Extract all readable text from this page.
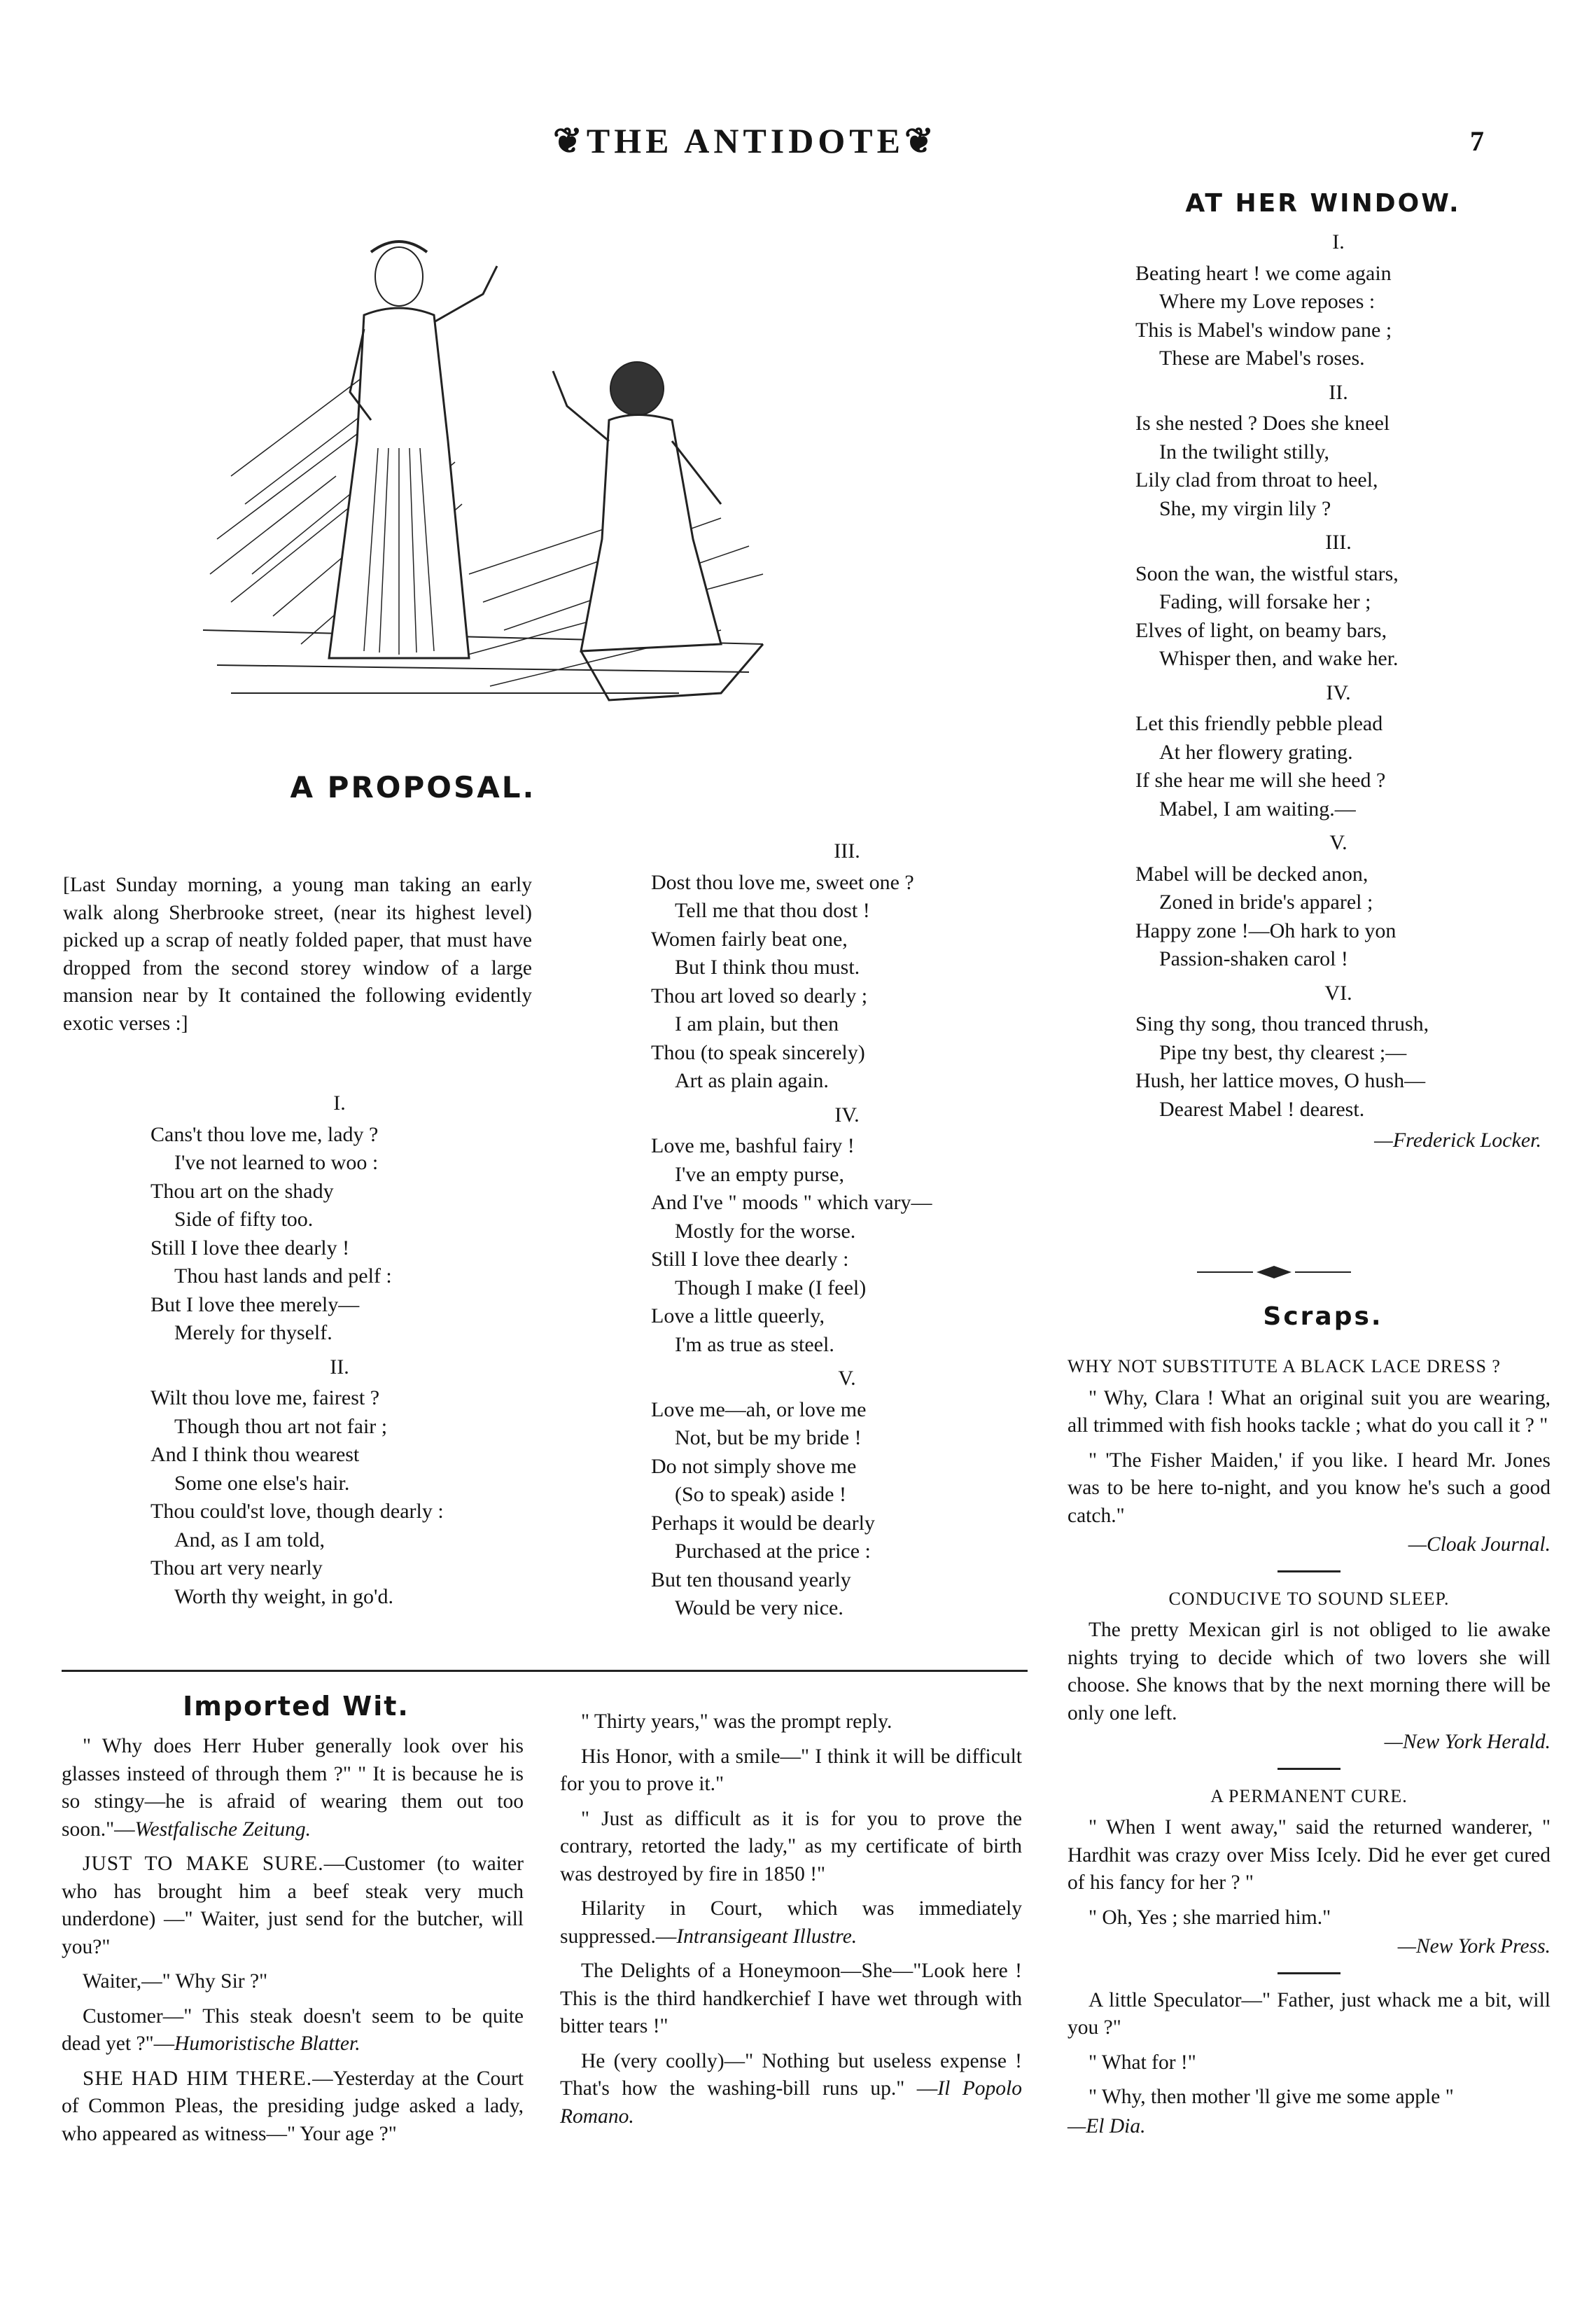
❦THE ANTIDOTE❦	7
A PROPOSAL.

[Last Sunday morning, a young man taking an early walk along Sherbrooke street, (near its highest level) picked up a scrap of neatly folded paper, that must have dropped from the second storey window of a large mansion near by It contained the following evidently exotic verses :]

I.
Cans't thou love me, lady ?
I've not learned to woo :
Thou art on the shady
Side of fifty too.
Still I love thee dearly !
Thou hast lands and pelf :
But I love thee merely—
Merely for thyself.
II.
Wilt thou love me, fairest ?
Though thou art not fair ;
And I think thou wearest
Some one else's hair.
Thou could'st love, though dearly :
And, as I am told,
Thou art very nearly
Worth thy weight, in go'd.
III.
Dost thou love me, sweet one ?
Tell me that thou dost !
Women fairly beat one,
But I think thou must.
Thou art loved so dearly ;
I am plain, but then
Thou (to speak sincerely)
Art as plain again.
IV.
Love me, bashful fairy !
I've an empty purse,
And I've " moods " which vary—
Mostly for the worse.
Still I love thee dearly :
Though I make (I feel)
Love a little queerly,
I'm as true as steel.
V.
Love me—ah, or love me
Not, but be my bride !
Do not simply shove me
(So to speak) aside !
Perhaps it would be dearly
Purchased at the price :
But ten thousand yearly
Would be very nice.
Imported Wit.

" Why does Herr Huber generally look over his glasses insteed of through them ?" " It is because he is so stingy—he is afraid of wearing them out too soon."—Westfalische Zeitung.

JUST TO MAKE SURE.—Customer (to waiter who has brought him a beef steak very much underdone) —" Waiter, just send for the butcher, will you?"

Waiter,—" Why Sir ?"

Customer—" This steak doesn't seem to be quite dead yet ?"—Humoristische Blatter.

SHE HAD HIM THERE.—Yesterday at the Court of Common Pleas, the presiding judge asked a lady, who appeared as witness—" Your age ?"

" Thirty years," was the prompt reply.

His Honor, with a smile—" I think it will be difficult for you to prove it."

" Just as difficult as it is for you to prove the contrary, retorted the lady," as my certificate of birth was destroyed by fire in 1850 !"

Hilarity in Court, which was immediately suppressed.—Intransigeant Illustre.

The Delights of a Honeymoon—She—"Look here ! This is the third handkerchief I have wet through with bitter tears !"

He (very coolly)—" Nothing but useless expense ! That's how the washing-bill runs up." —Il Popolo Romano.

AT HER WINDOW.
I.
Beating heart ! we come again
Where my Love reposes :
This is Mabel's window pane ;
These are Mabel's roses.
II.
Is she nested ? Does she kneel
In the twilight stilly,
Lily clad from throat to heel,
She, my virgin lily ?
III.
Soon the wan, the wistful stars,
Fading, will forsake her ;
Elves of light, on beamy bars,
Whisper then, and wake her.
IV.
Let this friendly pebble plead
At her flowery grating.
If she hear me will she heed ?
Mabel, I am waiting.—
V.
Mabel will be decked anon,
Zoned in bride's apparel ;
Happy zone !—Oh hark to yon
Passion-shaken carol !
VI.
Sing thy song, thou tranced thrush,
Pipe tny best, thy clearest ;—
Hush, her lattice moves, O hush—
Dearest Mabel ! dearest.
—Frederick Locker.
Scraps.
WHY NOT SUBSTITUTE A BLACK LACE DRESS ?

" Why, Clara ! What an original suit you are wearing, all trimmed with fish hooks tackle ; what do you call it ? "

" 'The Fisher Maiden,' if you like. I heard Mr. Jones was to be here to-night, and you know he's such a good catch."

—Cloak Journal.
CONDUCIVE TO SOUND SLEEP.

The pretty Mexican girl is not obliged to lie awake nights trying to decide which of two lovers she will choose. She knows that by the next morning there will be only one left.

—New York Herald.
A PERMANENT CURE.

" When I went away," said the returned wanderer, " Hardhit was crazy over Miss Icely. Did he ever get cured of his fancy for her ? "

" Oh, Yes ; she married him."

—New York Press.

A little Speculator—" Father, just whack me a bit, will you ?"

" What for !"

" Why, then mother 'll give me some apple "

—El Dia.
